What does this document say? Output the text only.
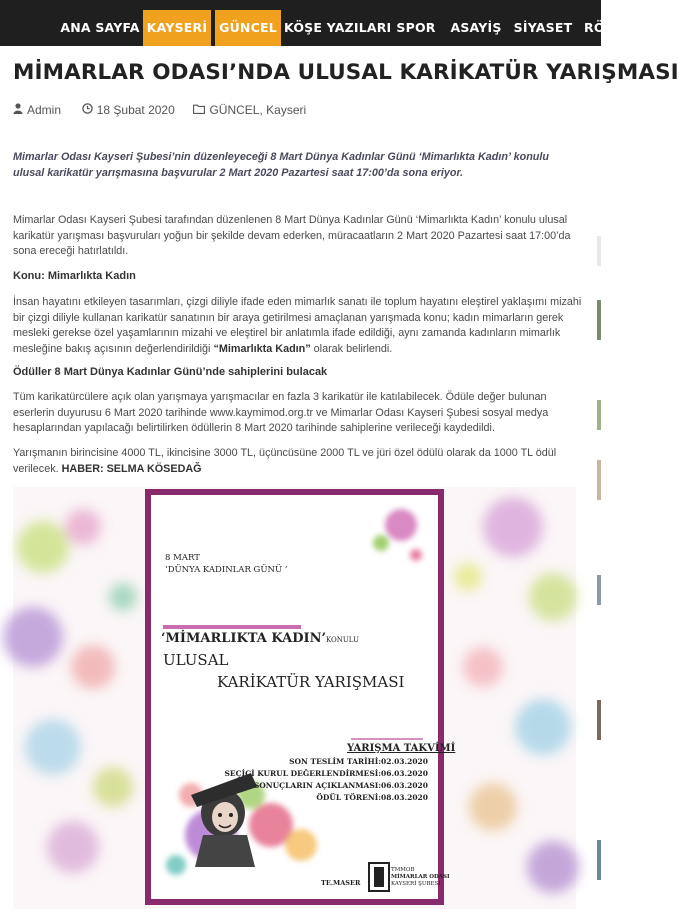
ANA SAYFA KAYSERİ GÜNCEL KÖŞE YAZILARI SPOR	ASAYİŞ SİYASET RÖ
MİMARLAR ODASI’NDA ULUSAL KARİKATÜR YARIŞMASI
Admin	18 Şubat 2020	GÜNCEL, Kayseri

Mimarlar Odası Kayseri Şubesi’nin düzenleyeceği 8 Mart Dünya Kadınlar Günü ‘Mimarlıkta Kadın’ konulu ulusal karikatür yarışmasına başvurular 2 Mart 2020 Pazartesi saat 17:00’da sona eriyor.

Mimarlar Odası Kayseri Şubesi tarafından düzenlenen 8 Mart Dünya Kadınlar Günü ‘Mimarlıkta Kadın’ konulu ulusal karikatür yarışması başvuruları yoğun bir şekilde devam ederken, müracaatların 2 Mart 2020 Pazartesi saat 17:00’da sona ereceği hatırlatıldı.

Konu: Mimarlıkta Kadın

İnsan hayatını etkileyen tasarımları, çizgi diliyle ifade eden mimarlık sanatı ile toplum hayatını eleştirel yaklaşımı mizahi bir çizgi diliyle kullanan karikatür sanatının bir araya getirilmesi amaçlanan yarışmada konu; kadın mimarların gerek mesleki gerekse özel yaşamlarının mizahi ve eleştirel bir anlatımla ifade edildiği, aynı zamanda kadınların mimarlık mesleğine bakış açısının değerlendirildiği “Mimarlıkta Kadın” olarak belirlendi.

Ödüller 8 Mart Dünya Kadınlar Günü’nde sahiplerini bulacak

Tüm karikatürcülere açık olan yarışmaya yarışmacılar en fazla 3 karikatür ile katılabilecek. Ödüle değer bulunan eserlerin duyurusu 6 Mart 2020 tarihinde www.kaymimod.org.tr ve Mimarlar Odası Kayseri Şubesi sosyal medya hesaplarından yapılacağı belirtilirken ödüllerin 8 Mart 2020 tarihinde sahiplerine verileceği kaydedildi.

Yarışmanın birincisine 4000 TL, ikincisine 3000 TL, üçüncüsüne 2000 TL ve jüri özel ödülü olarak da 1000 TL ödül verilecek. HABER: SELMA KÖSEDAĞ

8 MART
‘DÜNYA KADINLAR GÜNÜ ’
‘MİMARLIKTA KADIN’KONULU
ULUSAL
KARİKATÜR YARIŞMASI
YARIŞMA TAKVİMİ
SON TESLİM TARİHİ:02.03.2020
SEÇİCİ KURUL DEĞERLENDİRMESİ:06.03.2020
SONUÇLARIN AÇIKLANMASI:06.03.2020
ÖDÜL TÖRENİ:08.03.2020
TE.MASER
TMMOB
MİMARLAR ODASI
KAYSERİ ŞUBESİ
